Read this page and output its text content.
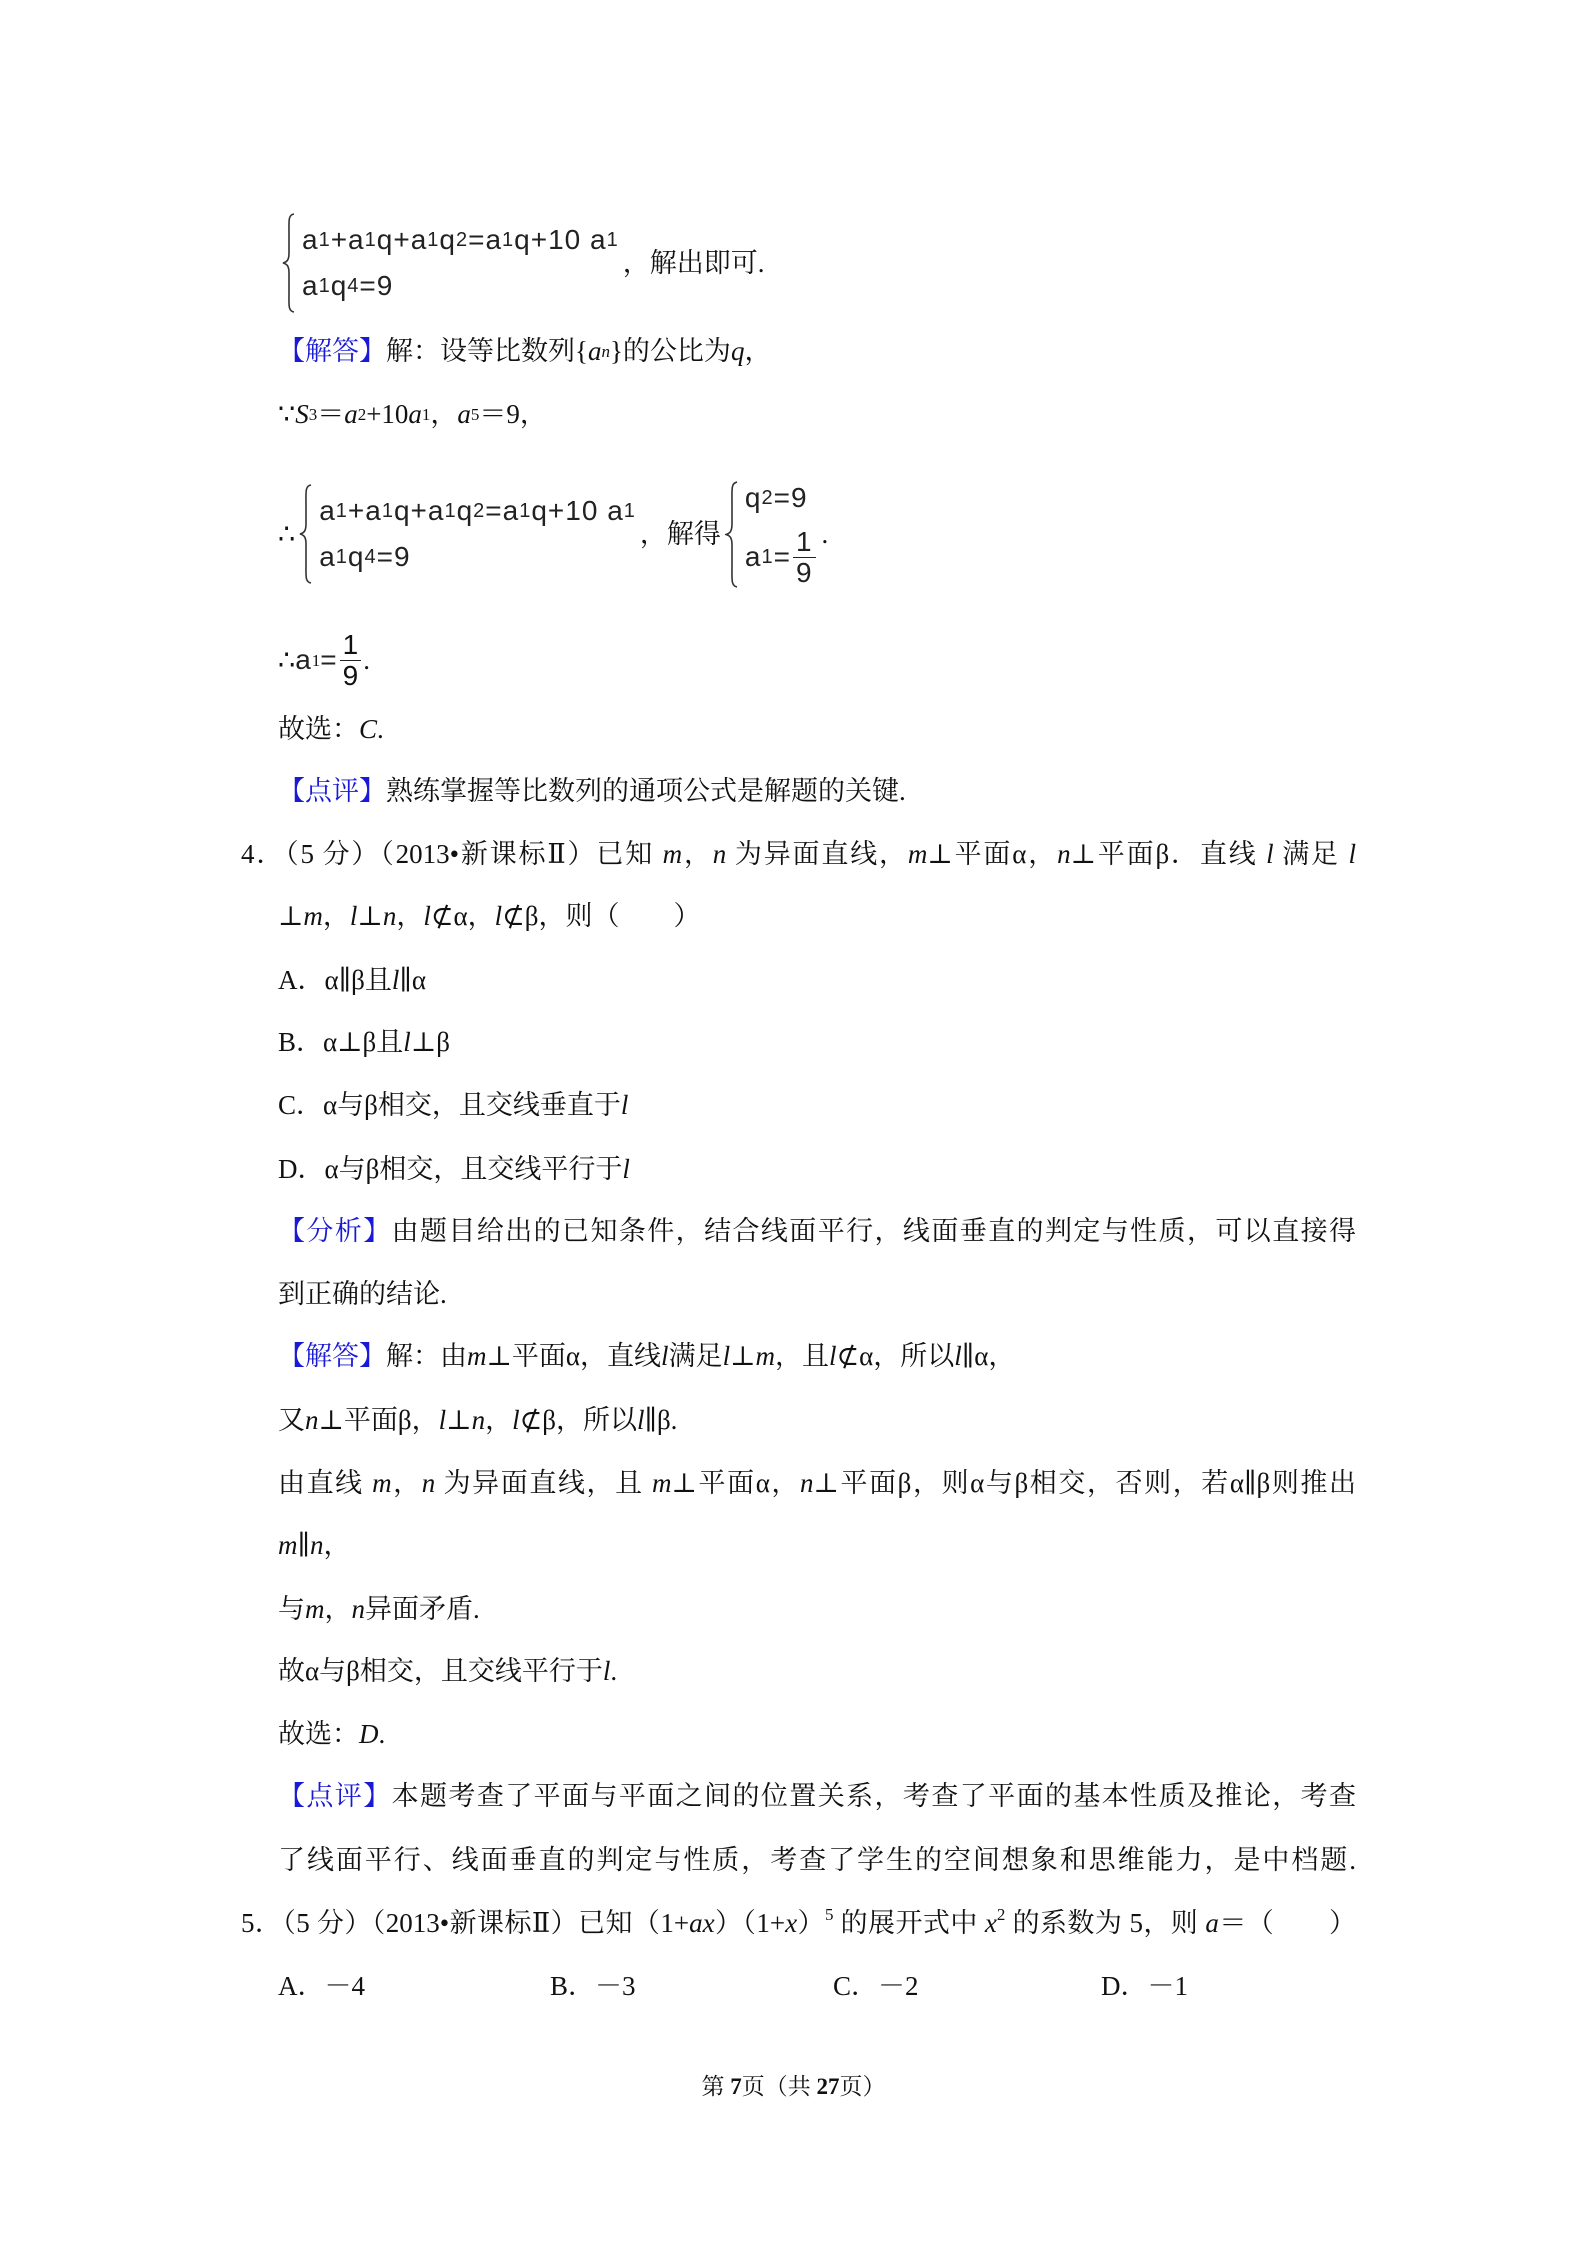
a 1 +a 1 q+a 1 q 2 =a 1 q+10 a 1
a 1 q 4 =9
，解出即可.
【解答】 解：设等比数列{ a n }的公比为 q ，
∵ S 3 ＝ a 2 +10 a 1 ， a 5 ＝9，
∴
a 1 +a 1 q+a 1 q 2 =a 1 q+10 a 1
a 1 q 4 =9
，解得
q 2 =9
a $1 = \frac{1}{9}$ .
∴ a $1 = \frac{1}{9}$ .
故选： C .
【点评】 熟练掌握等比数列的通项公式是解题的关键.
4．（5 分）（2013•新课标Ⅱ）已知 m，n 为异面直线，m⊥平面α，n⊥平面β．直线 l 满足 l
⊥ m ， l ⊥ n ， l ⊄α， l ⊄β，则（　　）
A．α∥β且 l ∥α
B．α⊥β且 l ⊥β
C．α与β相交，且交线垂直于 l
D．α与β相交，且交线平行于 l
【分析】由题目给出的已知条件，结合线面平行，线面垂直的判定与性质，可以直接得
到正确的结论.
【解答】 解：由 m ⊥平面α，直线 l 满足 l ⊥ m ，且 l ⊄α，所以 l ∥α，
又 n ⊥平面β， l ⊥ n ， l ⊄β，所以 l ∥β.
由直线 m，n 为异面直线，且 m⊥平面α，n⊥平面β，则α与β相交，否则，若α∥β则推出
m ∥ n ，
与 m ， n 异面矛盾.
故α与β相交，且交线平行于 l .
故选： D .
【点评】本题考查了平面与平面之间的位置关系，考查了平面的基本性质及推论，考查
了线面平行、线面垂直的判定与性质，考查了学生的空间想象和思维能力，是中档题.
5．（5 分）（2013•新课标Ⅱ）已知$(1+ax)(1+x)^5$ 的展开式中 $x^2$ 的系数为 5，则 a＝（　　）
A．－4	B．－3	C．－2	D．－1
第 7页（共 27页）
